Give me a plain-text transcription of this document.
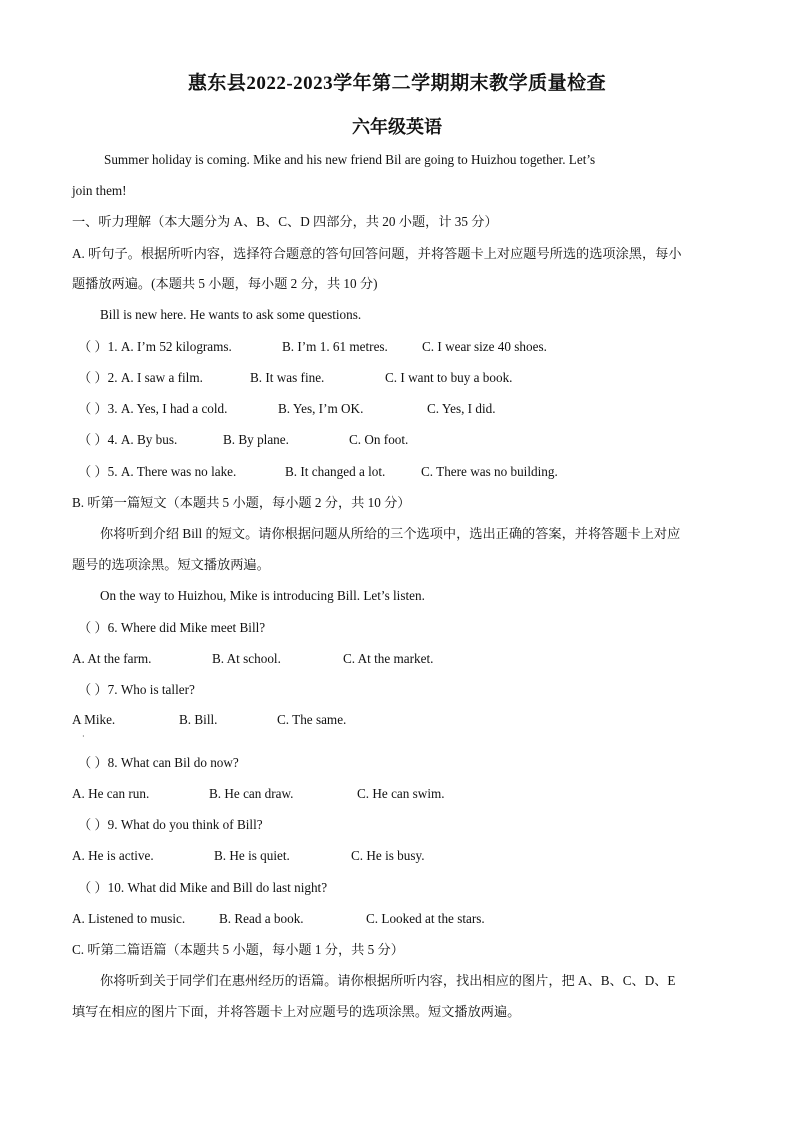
惠东县2022-2023学年第二学期期末教学质量检查
六年级英语
Summer holiday is coming. Mike and his new friend Bil are going to Huizhou together. Let’s
join them!
一、听力理解（本大题分为 A、B、C、D 四部分，共 20 小题，计 35 分）
A. 听句子。根据所听内容，选择符合题意的答句回答问题，并将答题卡上对应题号所选的选项涂黑，每小
题播放两遍。(本题共 5 小题，每小题 2 分，共 10 分)
Bill is new here. He wants to ask some questions.
（ ）1. A. I’m 52 kilograms.	B. I’m 1. 61 metres.	C. I wear size 40 shoes.
（ ）2. A. I saw a film.	B. It was fine.	C. I want to buy a book.
（ ）3. A. Yes, I had a cold.	B. Yes, I’m OK.	C. Yes, I did.
（ ）4. A. By bus.	B. By plane.	C. On foot.
（ ）5. A. There was no lake.	B. It changed a lot.	C. There was no building.
B. 听第一篇短文（本题共 5 小题，每小题 2 分，共 10 分）
你将听到介绍 Bill 的短文。请你根据问题从所给的三个选项中，选出正确的答案，并将答题卡上对应
题号的选项涂黑。短文播放两遍。
On the way to Huizhou, Mike is introducing Bill. Let’s listen.
（ ）6. Where did Mike meet Bill?
A. At the farm.	B. At school.	C. At the market.
（ ）7. Who is taller?
A Mike.	B. Bill.	C. The same.
·
（ ）8. What can Bil do now?
A. He can run.	B. He can draw.	C. He can swim.
（ ）9. What do you think of Bill?
A. He is active.	B. He is quiet.	C. He is busy.
（ ）10. What did Mike and Bill do last night?
A. Listened to music.	B. Read a book.	C. Looked at the stars.
C. 听第二篇语篇（本题共 5 小题，每小题 1 分，共 5 分）
你将听到关于同学们在惠州经历的语篇。请你根据所听内容，找出相应的图片，把 A、B、C、D、E
填写在相应的图片下面，并将答题卡上对应题号的选项涂黑。短文播放两遍。
